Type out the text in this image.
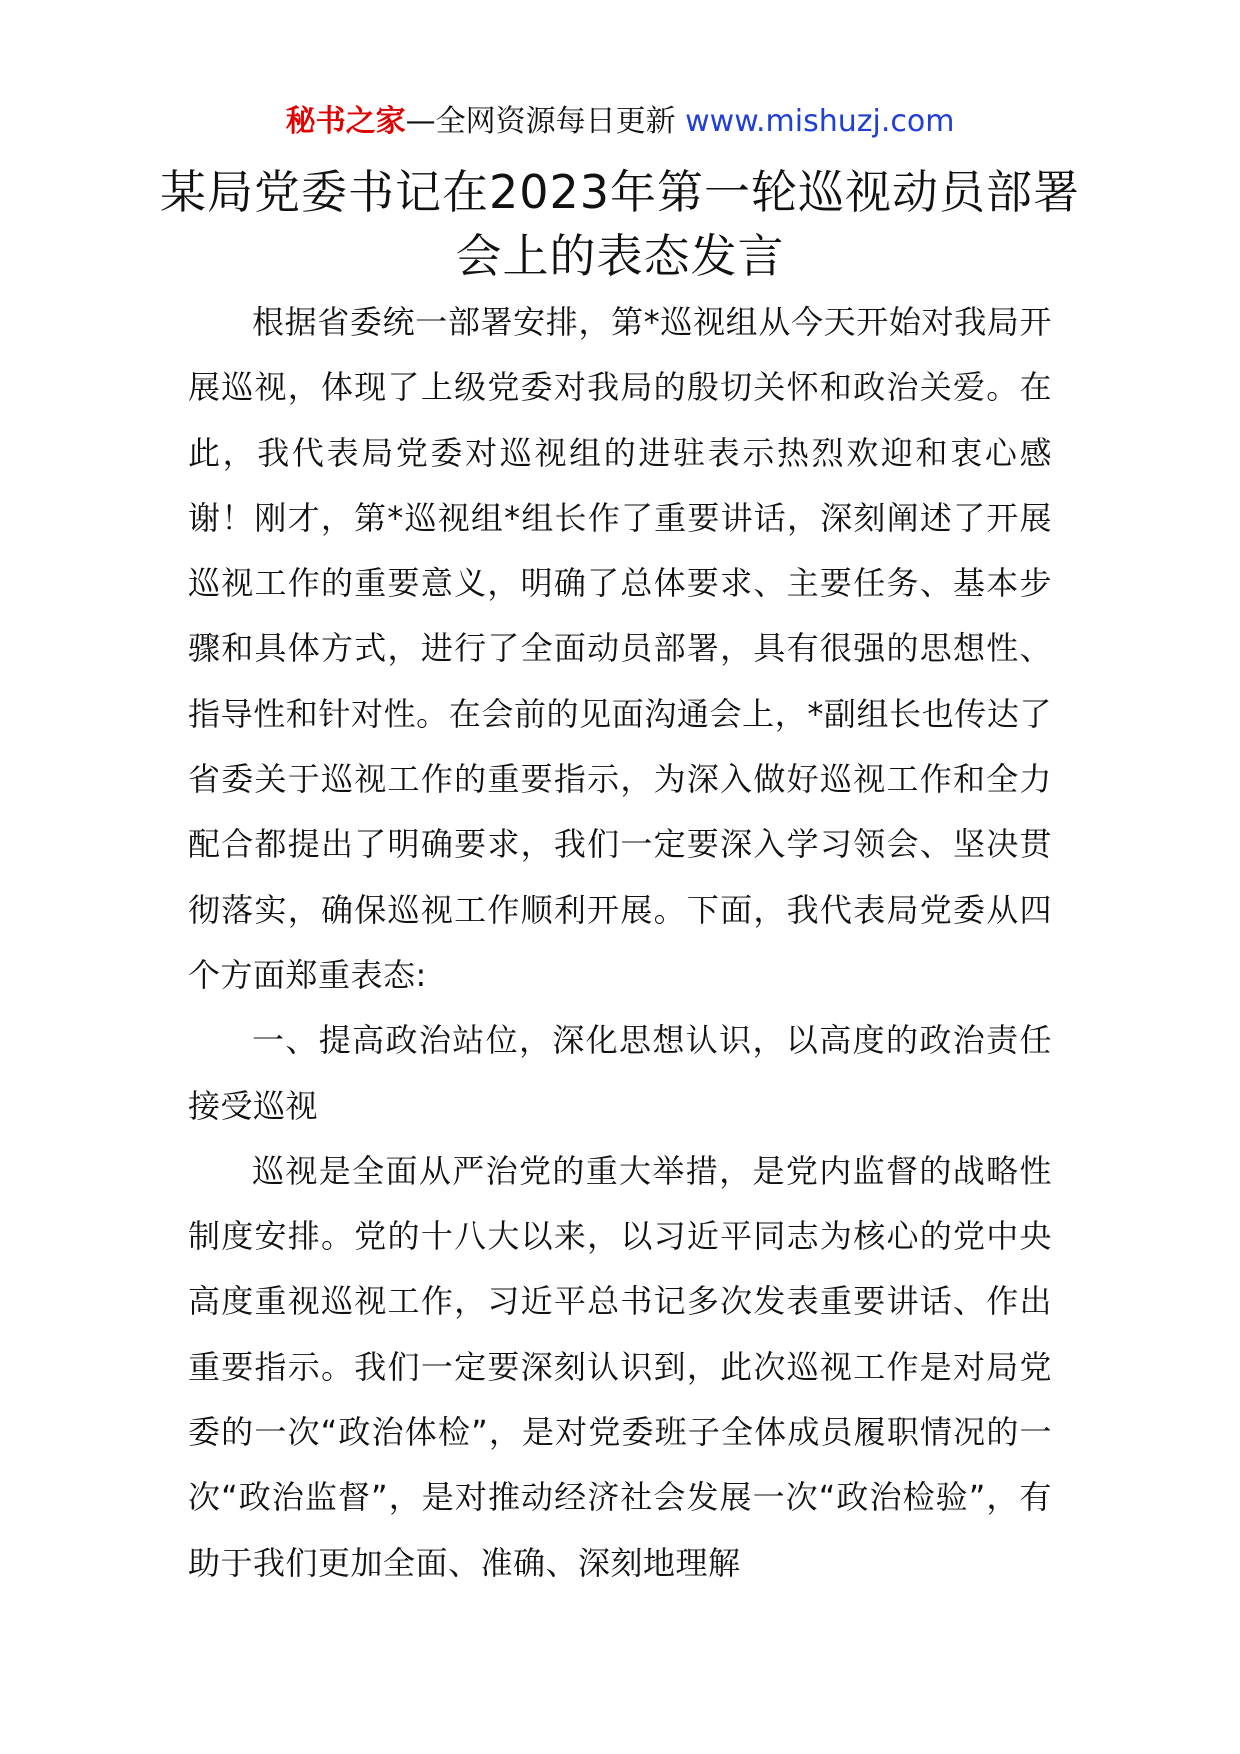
秘书之家—全网资源每日更新 www.mishuzj.com
某局党委书记在2023年第一轮巡视动员部署会上的表态发言

根据省委统一部署安排，第*巡视组从今天开始对我局开展巡视，体现了上级党委对我局的殷切关怀和政治关爱。在此，我代表局党委对巡视组的进驻表示热烈欢迎和衷心感谢！刚才，第*巡视组*组长作了重要讲话，深刻阐述了开展巡视工作的重要意义，明确了总体要求、主要任务、基本步骤和具体方式，进行了全面动员部署，具有很强的思想性、指导性和针对性。在会前的见面沟通会上，*副组长也传达了省委关于巡视工作的重要指示，为深入做好巡视工作和全力配合都提出了明确要求，我们一定要深入学习领会、坚决贯彻落实，确保巡视工作顺利开展。下面，我代表局党委从四个方面郑重表态:

一、提高政治站位，深化思想认识，以高度的政治责任接受巡视

巡视是全面从严治党的重大举措，是党内监督的战略性制度安排。党的十八大以来，以习近平同志为核心的党中央高度重视巡视工作，习近平总书记多次发表重要讲话、作出重要指示。我们一定要深刻认识到，此次巡视工作是对局党委的一次“政治体检”，是对党委班子全体成员履职情况的一次“政治监督”，是对推动经济社会发展一次“政治检验”，有助于我们更加全面、准确、深刻地理解
